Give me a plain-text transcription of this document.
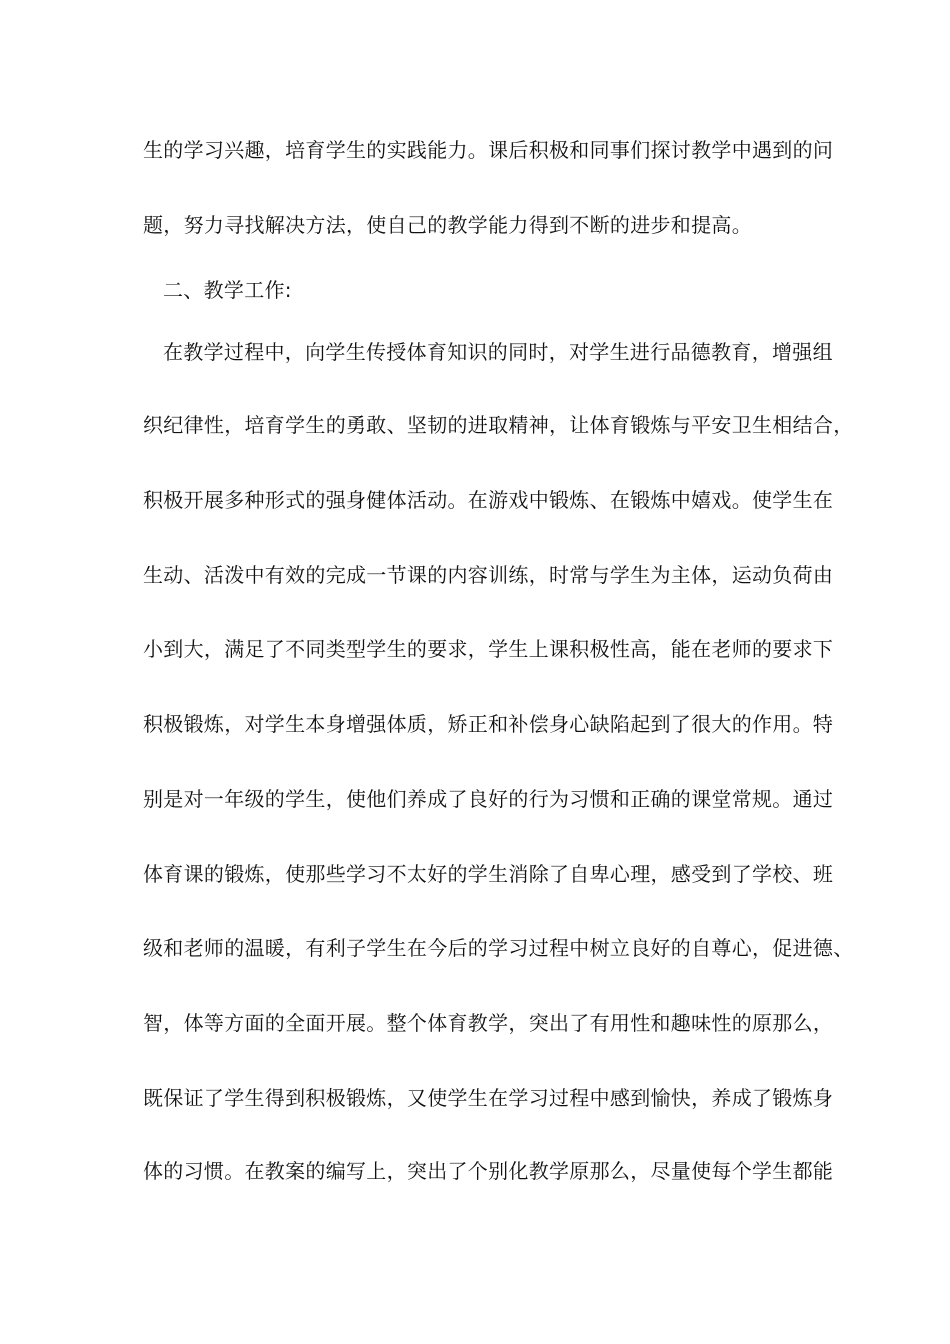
生的学习兴趣，培育学生的实践能力。课后积极和同事们探讨教学中遇到的问
题，努力寻找解决方法，使自己的教学能力得到不断的进步和提高。
二、教学工作:
在教学过程中，向学生传授体育知识的同时，对学生进行品德教育，增强组
织纪律性，培育学生的勇敢、坚韧的进取精神，让体育锻炼与平安卫生相结合，
积极开展多种形式的强身健体活动。在游戏中锻炼、在锻炼中嬉戏。使学生在
生动、活泼中有效的完成一节课的内容训练，时常与学生为主体，运动负荷由
小到大，满足了不同类型学生的要求，学生上课积极性高，能在老师的要求下
积极锻炼，对学生本身增强体质，矫正和补偿身心缺陷起到了很大的作用。特
别是对一年级的学生，使他们养成了良好的行为习惯和正确的课堂常规。通过
体育课的锻炼，使那些学习不太好的学生消除了自卑心理，感受到了学校、班
级和老师的温暖，有利子学生在今后的学习过程中树立良好的自尊心，促进德、
智，体等方面的全面开展。整个体育教学，突出了有用性和趣味性的原那么，
既保证了学生得到积极锻炼，又使学生在学习过程中感到愉快，养成了锻炼身
体的习惯。在教案的编写上，突出了个别化教学原那么，尽量使每个学生都能
